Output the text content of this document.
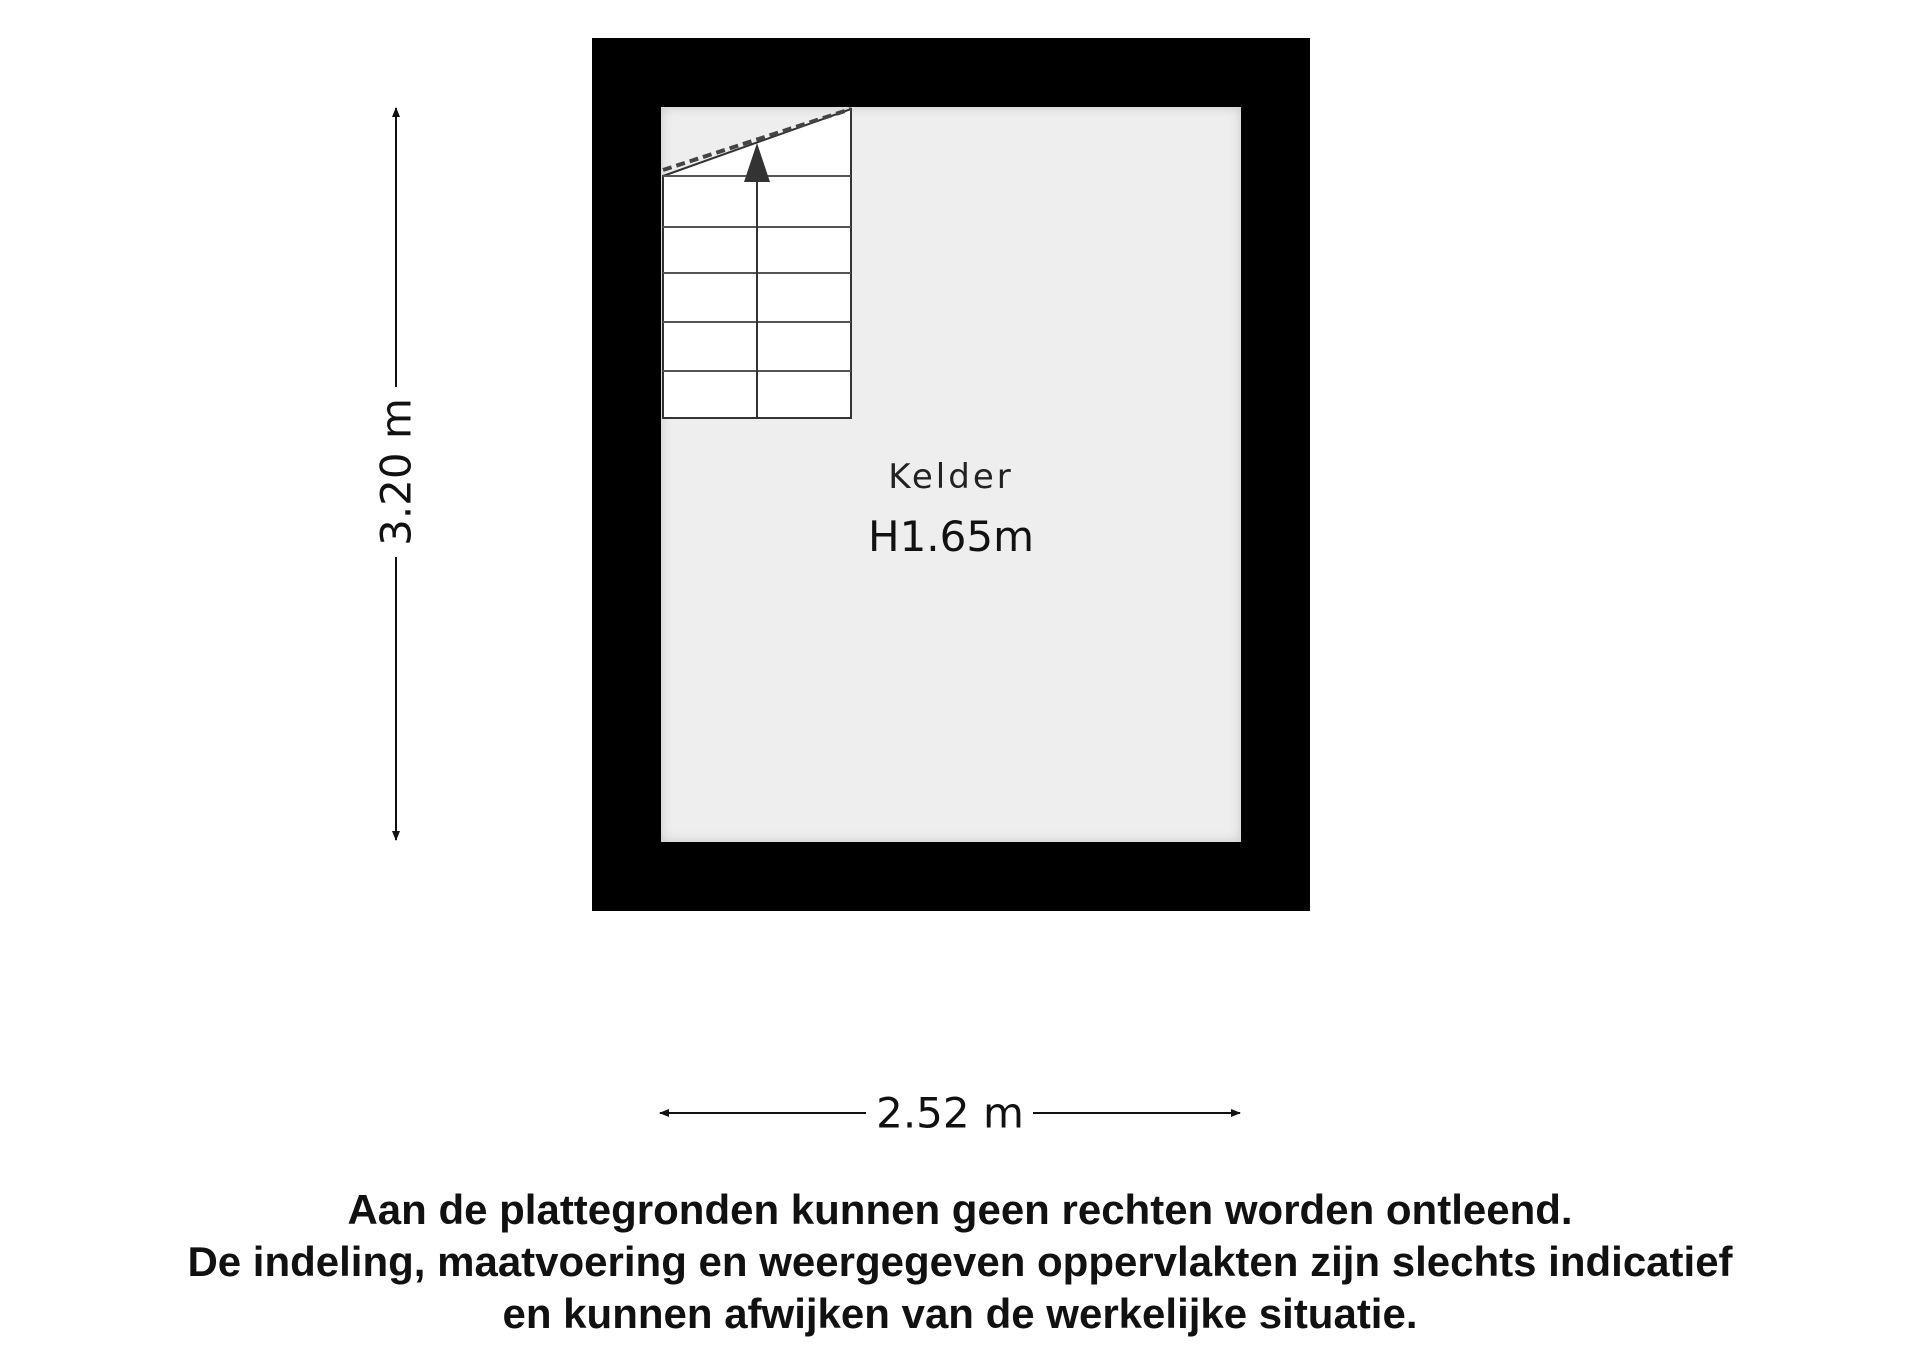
Kelder
H1.65m
3.20 m
2.52 m
Aan de plattegronden kunnen geen rechten worden ontleend.
De indeling, maatvoering en weergegeven oppervlakten zijn slechts indicatief
en kunnen afwijken van de werkelijke situatie.
